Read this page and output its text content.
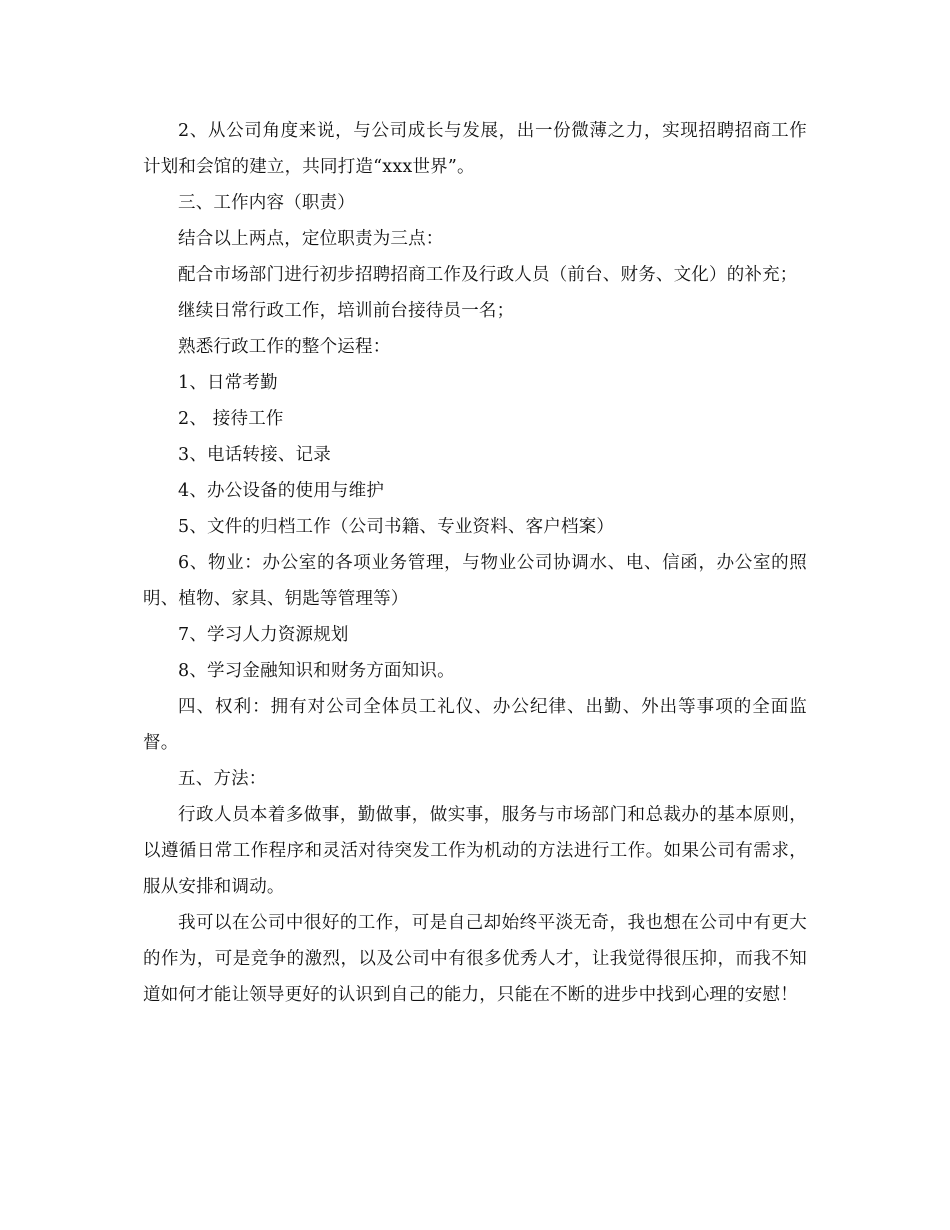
2、从公司角度来说，与公司成长与发展，出一份微薄之力，实现招聘招商工作计划和会馆的建立，共同打造“xxx世界”。

三、工作内容（职责）

结合以上两点，定位职责为三点：

配合市场部门进行初步招聘招商工作及行政人员（前台、财务、文化）的补充；

继续日常行政工作，培训前台接待员一名；

熟悉行政工作的整个运程：

1、日常考勤

2、 接待工作

3、电话转接、记录

4、办公设备的使用与维护

5、文件的归档工作（公司书籍、专业资料、客户档案）

6、物业：办公室的各项业务管理，与物业公司协调水、电、信函，办公室的照明、植物、家具、钥匙等管理等）

7、学习人力资源规划

8、学习金融知识和财务方面知识。

四、权利：拥有对公司全体员工礼仪、办公纪律、出勤、外出等事项的全面监督。

五、方法：

行政人员本着多做事，勤做事，做实事，服务与市场部门和总裁办的基本原则，以遵循日常工作程序和灵活对待突发工作为机动的方法进行工作。如果公司有需求，服从安排和调动。

我可以在公司中很好的工作，可是自己却始终平淡无奇，我也想在公司中有更大的作为，可是竞争的激烈，以及公司中有很多优秀人才，让我觉得很压抑，而我不知道如何才能让领导更好的认识到自己的能力，只能在不断的进步中找到心理的安慰！
